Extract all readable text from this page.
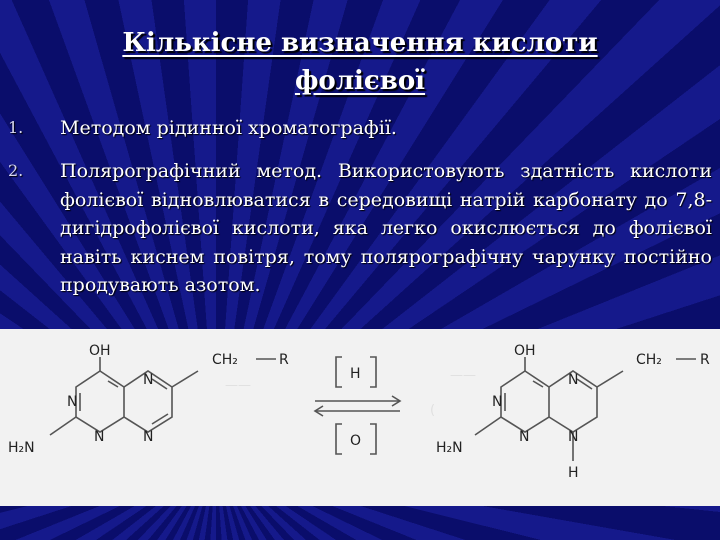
Кількісне визначення кислоти
фолієвої
1. Методом рідинної хроматографії.
2. Полярографічний метод. Використовують здатність кислоти фолієвої відновлюватися в середовищі натрій карбонату до 7,8-дигідрофолієвої кислоти, яка легко окислюється до фолієвої навіть киснем повітря, тому полярографічну чарунку постійно продувають азотом.
——
(
——
OH
N
N
N
N
H₂N
CH₂	R
H
O
OH
N
N
N
N
H₂N
H
CH₂	R
